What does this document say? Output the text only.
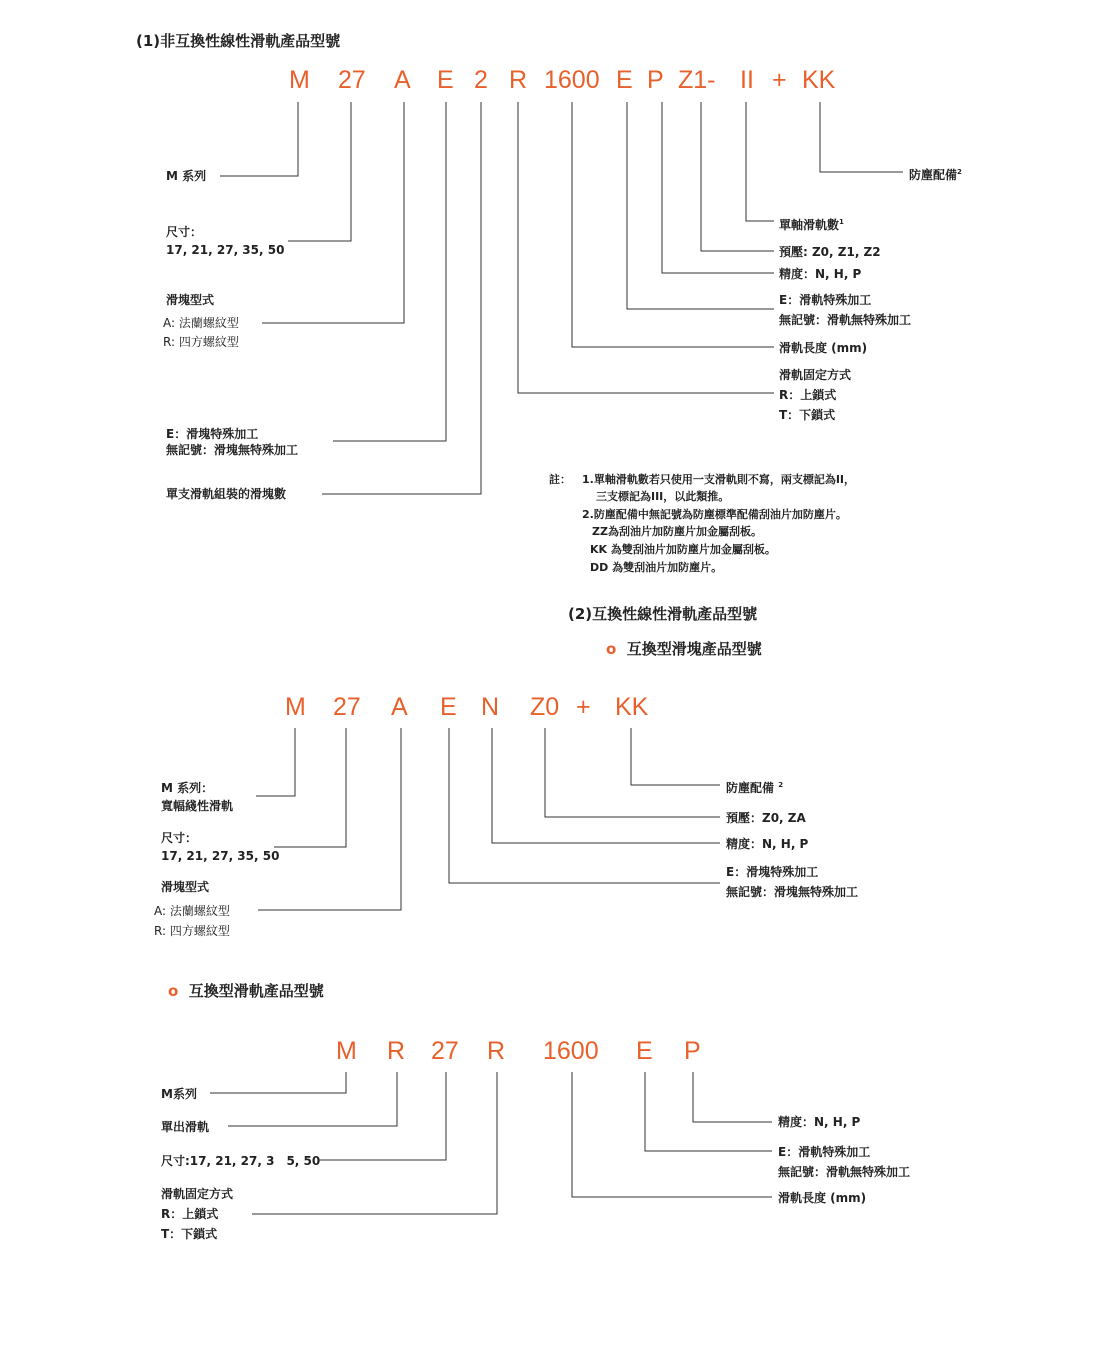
(1)非互換性線性滑軌產品型號
M 27 A E 2 R 1600 E P Z1- II + KK
M 系列
尺寸：
17, 21, 27, 35, 50
滑塊型式
A: 法蘭螺紋型
R: 四方螺紋型
E：滑塊特殊加工
無記號：滑塊無特殊加工
單支滑軌組裝的滑塊數
防塵配備$^2$
單軸滑軌數$^1$
預壓: Z0, Z1, Z2
精度：N, H, P
E：滑軌特殊加工
無記號：滑軌無特殊加工
滑軌長度 (mm)
滑軌固定方式
R：上鎖式
T：下鎖式
註： 1.單軸滑軌數若只使用一支滑軌則不寫，兩支標記為II，
三支標記為III，以此類推。
2.防塵配備中無記號為防塵標準配備刮油片加防塵片。
ZZ為刮油片加防塵片加金屬刮板。
KK 為雙刮油片加防塵片加金屬刮板。
DD 為雙刮油片加防塵片。
(2)互換性線性滑軌產品型號
o 互換型滑塊產品型號
M 27 A E N Z0 + KK
M 系列：
寬幅綫性滑軌
尺寸：
17, 21, 27, 35, 50
滑塊型式
A: 法蘭螺紋型
R: 四方螺紋型
防塵配備 $^2$
預壓：Z0, ZA
精度：N, H, P
E：滑塊特殊加工
無記號：滑塊無特殊加工
o 互換型滑軌產品型號
M R 27 R 1600 E P
M系列
單出滑軌
尺寸:17, 21, 27, 3　5, 50
滑軌固定方式
R：上鎖式
T：下鎖式
精度：N, H, P
E：滑軌特殊加工
無記號：滑軌無特殊加工
滑軌長度 (mm)
